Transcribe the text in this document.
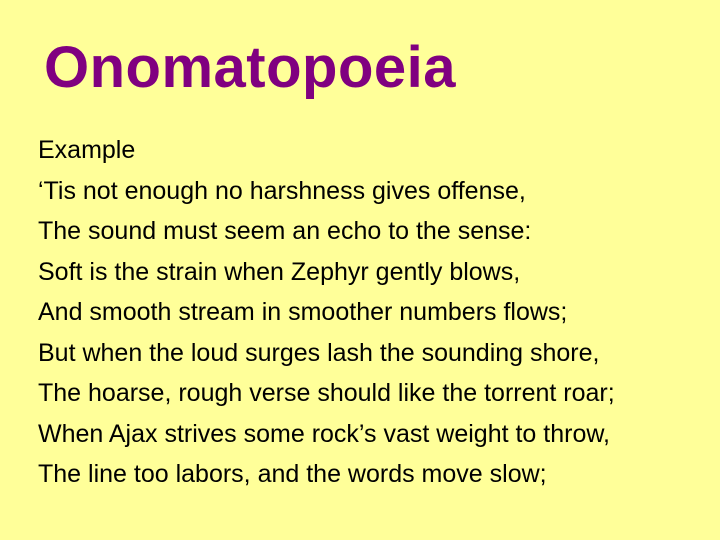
Onomatopoeia
Example
‘Tis not enough no harshness gives offense,
The sound must seem an echo to the sense:
Soft is the strain when Zephyr gently blows,
And smooth stream in smoother numbers flows;
But when the loud surges lash the sounding shore,
The hoarse, rough verse should like the torrent roar;
When Ajax strives some rock’s vast weight to throw,
The line too labors, and the words move slow;
